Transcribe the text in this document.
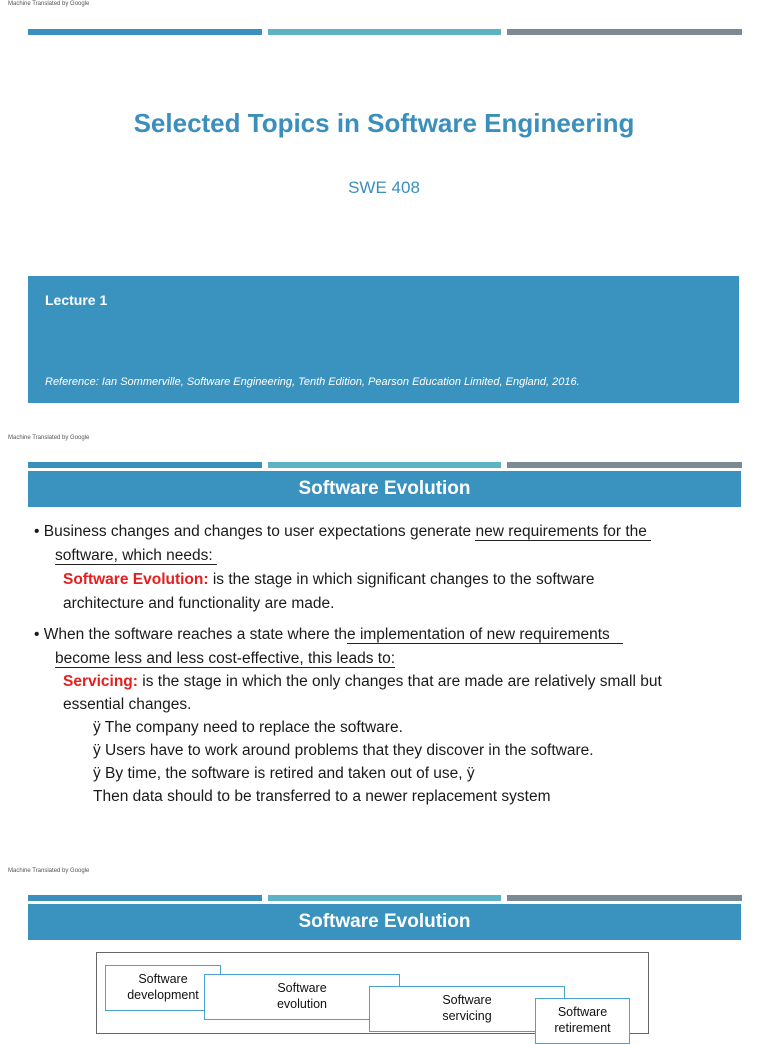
Machine Translated by Google
Selected Topics in Software Engineering
SWE 408
Lecture 1
Reference: Ian Sommerville, Software Engineering, Tenth Edition, Pearson Education Limited, England, 2016.
Machine Translated by Google
Software Evolution
• Business changes and changes to user expectations generate new requirements for the
software, which needs:
Software Evolution: is the stage in which significant changes to the software
architecture and functionality are made.
• When the software reaches a state where the implementation of new requirements
become less and less cost-effective, this leads to:
Servicing: is the stage in which the only changes that are made are relatively small but
essential changes.
ÿ The company need to replace the software.
ÿ Users have to work around problems that they discover in the software.
ÿ By time, the software is retired and taken out of use, ÿ
Then data should to be transferred to a newer replacement system
Machine Translated by Google
Software Evolution
Software
development	Software
evolution	Software
servicing	Software
retirement
